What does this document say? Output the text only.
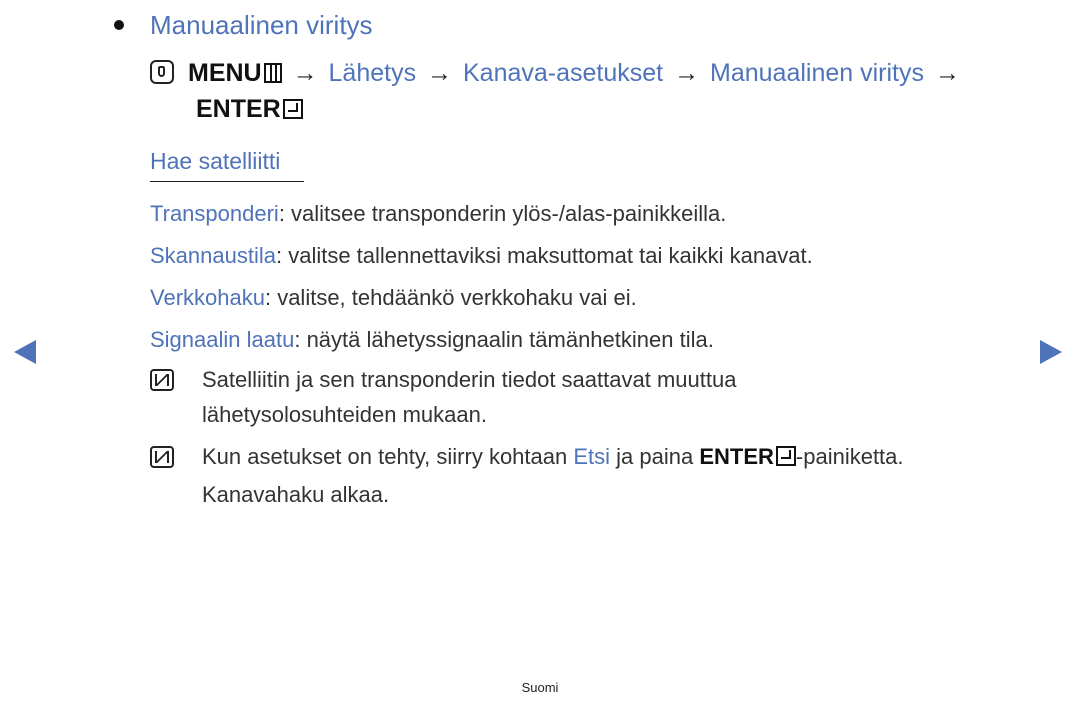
Manuaalinen viritys
MENU → Lähetys → Kanava-asetukset → Manuaalinen viritys →
ENTER
Hae satelliitti
Transponderi: valitsee transponderin ylös-/alas-painikkeilla.
Skannaustila: valitse tallennettaviksi maksuttomat tai kaikki kanavat.
Verkkohaku: valitse, tehdäänkö verkkohaku vai ei.
Signaalin laatu: näytä lähetyssignaalin tämänhetkinen tila.
Satelliitin ja sen transponderin tiedot saattavat muuttua
lähetysolosuhteiden mukaan.
Kun asetukset on tehty, siirry kohtaan Etsi ja paina ENTER -painiketta.
Kanavahaku alkaa.
Suomi
